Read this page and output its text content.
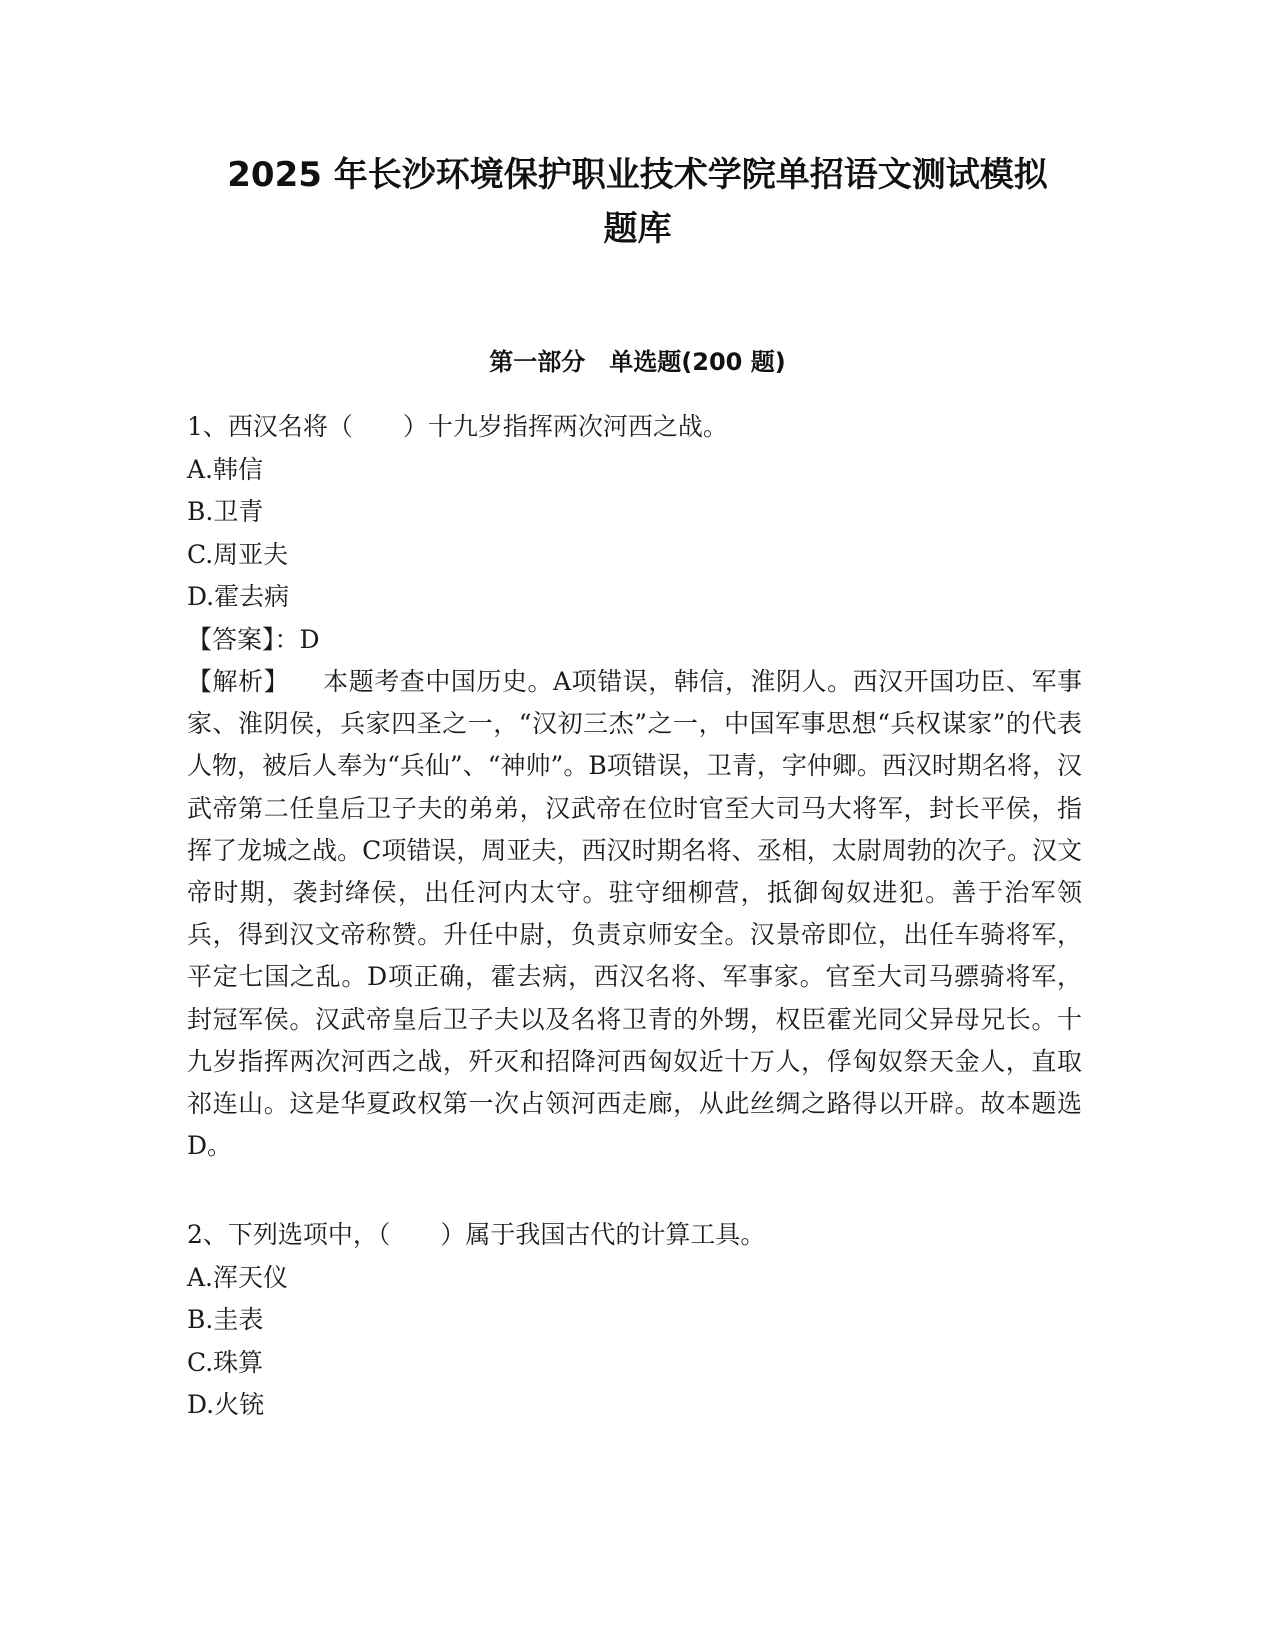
2025 年长沙环境保护职业技术学院单招语文测试模拟
题库
第一部分　单选题(200 题)
1、西汉名将（　　）十九岁指挥两次河西之战。
A.韩信
B.卫青
C.周亚夫
D.霍去病
【答案】：D
【解析】 本题考查中国历史。A项错误，韩信，淮阴人。西汉开国功臣、军事家、淮阴侯，兵家四圣之一，“汉初三杰”之一，中国军事思想“兵权谋家”的代表人物，被后人奉为“兵仙”、“神帅”。B项错误，卫青，字仲卿。西汉时期名将，汉武帝第二任皇后卫子夫的弟弟，汉武帝在位时官至大司马大将军，封长平侯，指挥了龙城之战。C项错误，周亚夫，西汉时期名将、丞相，太尉周勃的次子。汉文帝时期，袭封绛侯，出任河内太守。驻守细柳营，抵御匈奴进犯。善于治军领兵，得到汉文帝称赞。升任中尉，负责京师安全。汉景帝即位，出任车骑将军，平定七国之乱。D项正确，霍去病，西汉名将、军事家。官至大司马骠骑将军，封冠军侯。汉武帝皇后卫子夫以及名将卫青的外甥，权臣霍光同父异母兄长。十九岁指挥两次河西之战，歼灭和招降河西匈奴近十万人，俘匈奴祭天金人，直取祁连山。这是华夏政权第一次占领河西走廊，从此丝绸之路得以开辟。故本题选D。
2、下列选项中，（　　）属于我国古代的计算工具。
A.浑天仪
B.圭表
C.珠算
D.火铳
